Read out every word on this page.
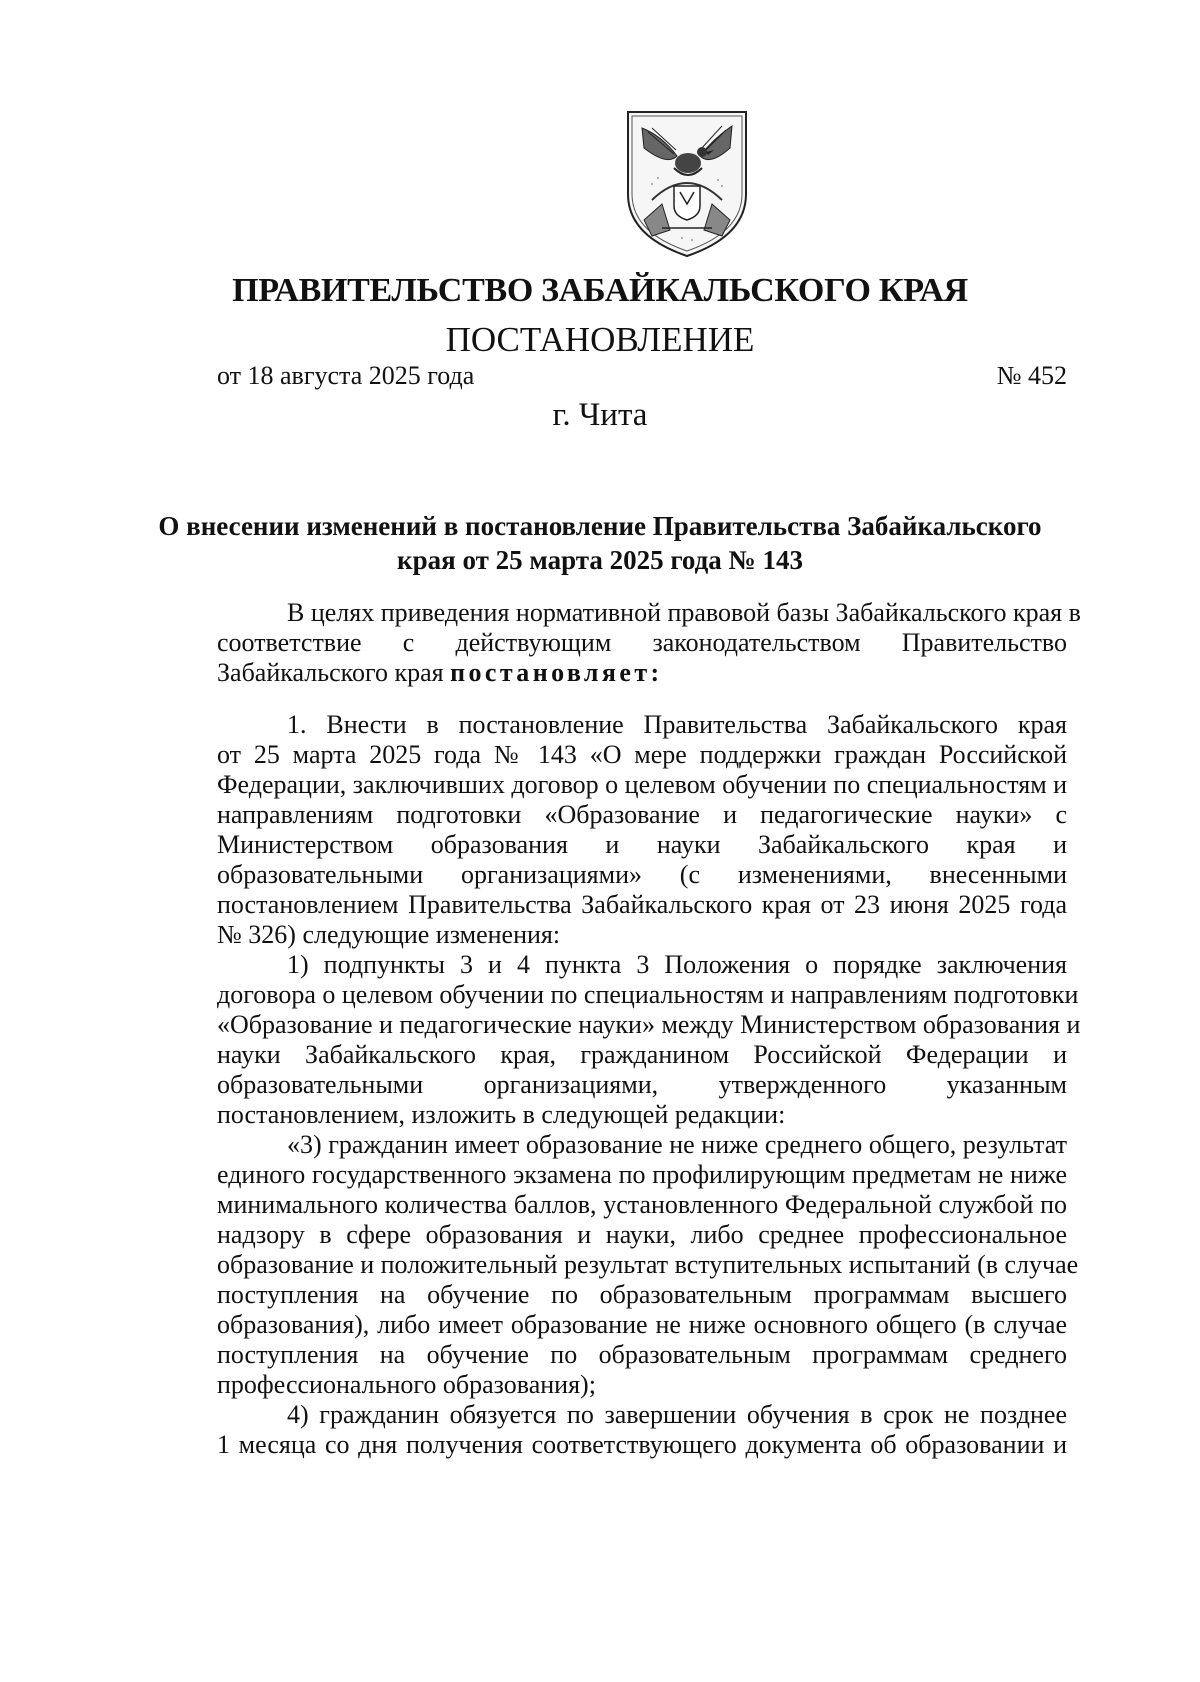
ПРАВИТЕЛЬСТВО ЗАБАЙКАЛЬСКОГО КРАЯ
ПОСТАНОВЛЕНИЕ
от 18 августа 2025 года	№ 452
г. Чита
О внесении изменений в постановление Правительства Забайкальского
края от 25 марта 2025 года № 143
В целях приведения нормативной правовой базы Забайкальского края в
соответствие с действующим законодательством Правительство
Забайкальского края постановляет:
1. Внести в постановление Правительства Забайкальского края
от 25 марта 2025 года № 143 «О мере поддержки граждан Российской
Федерации, заключивших договор о целевом обучении по специальностям и
направлениям подготовки «Образование и педагогические науки» с
Министерством образования и науки Забайкальского края и
образовательными организациями» (с изменениями, внесенными
постановлением Правительства Забайкальского края от 23 июня 2025 года
№ 326) следующие изменения:
1) подпункты 3 и 4 пункта 3 Положения о порядке заключения
договора о целевом обучении по специальностям и направлениям подготовки
«Образование и педагогические науки» между Министерством образования и
науки Забайкальского края, гражданином Российской Федерации и
образовательными организациями, утвержденного указанным
постановлением, изложить в следующей редакции:
«3) гражданин имеет образование не ниже среднего общего, результат
единого государственного экзамена по профилирующим предметам не ниже
минимального количества баллов, установленного Федеральной службой по
надзору в сфере образования и науки, либо среднее профессиональное
образование и положительный результат вступительных испытаний (в случае
поступления на обучение по образовательным программам высшего
образования), либо имеет образование не ниже основного общего (в случае
поступления на обучение по образовательным программам среднего
профессионального образования);
4) гражданин обязуется по завершении обучения в срок не позднее
1 месяца со дня получения соответствующего документа об образовании и
